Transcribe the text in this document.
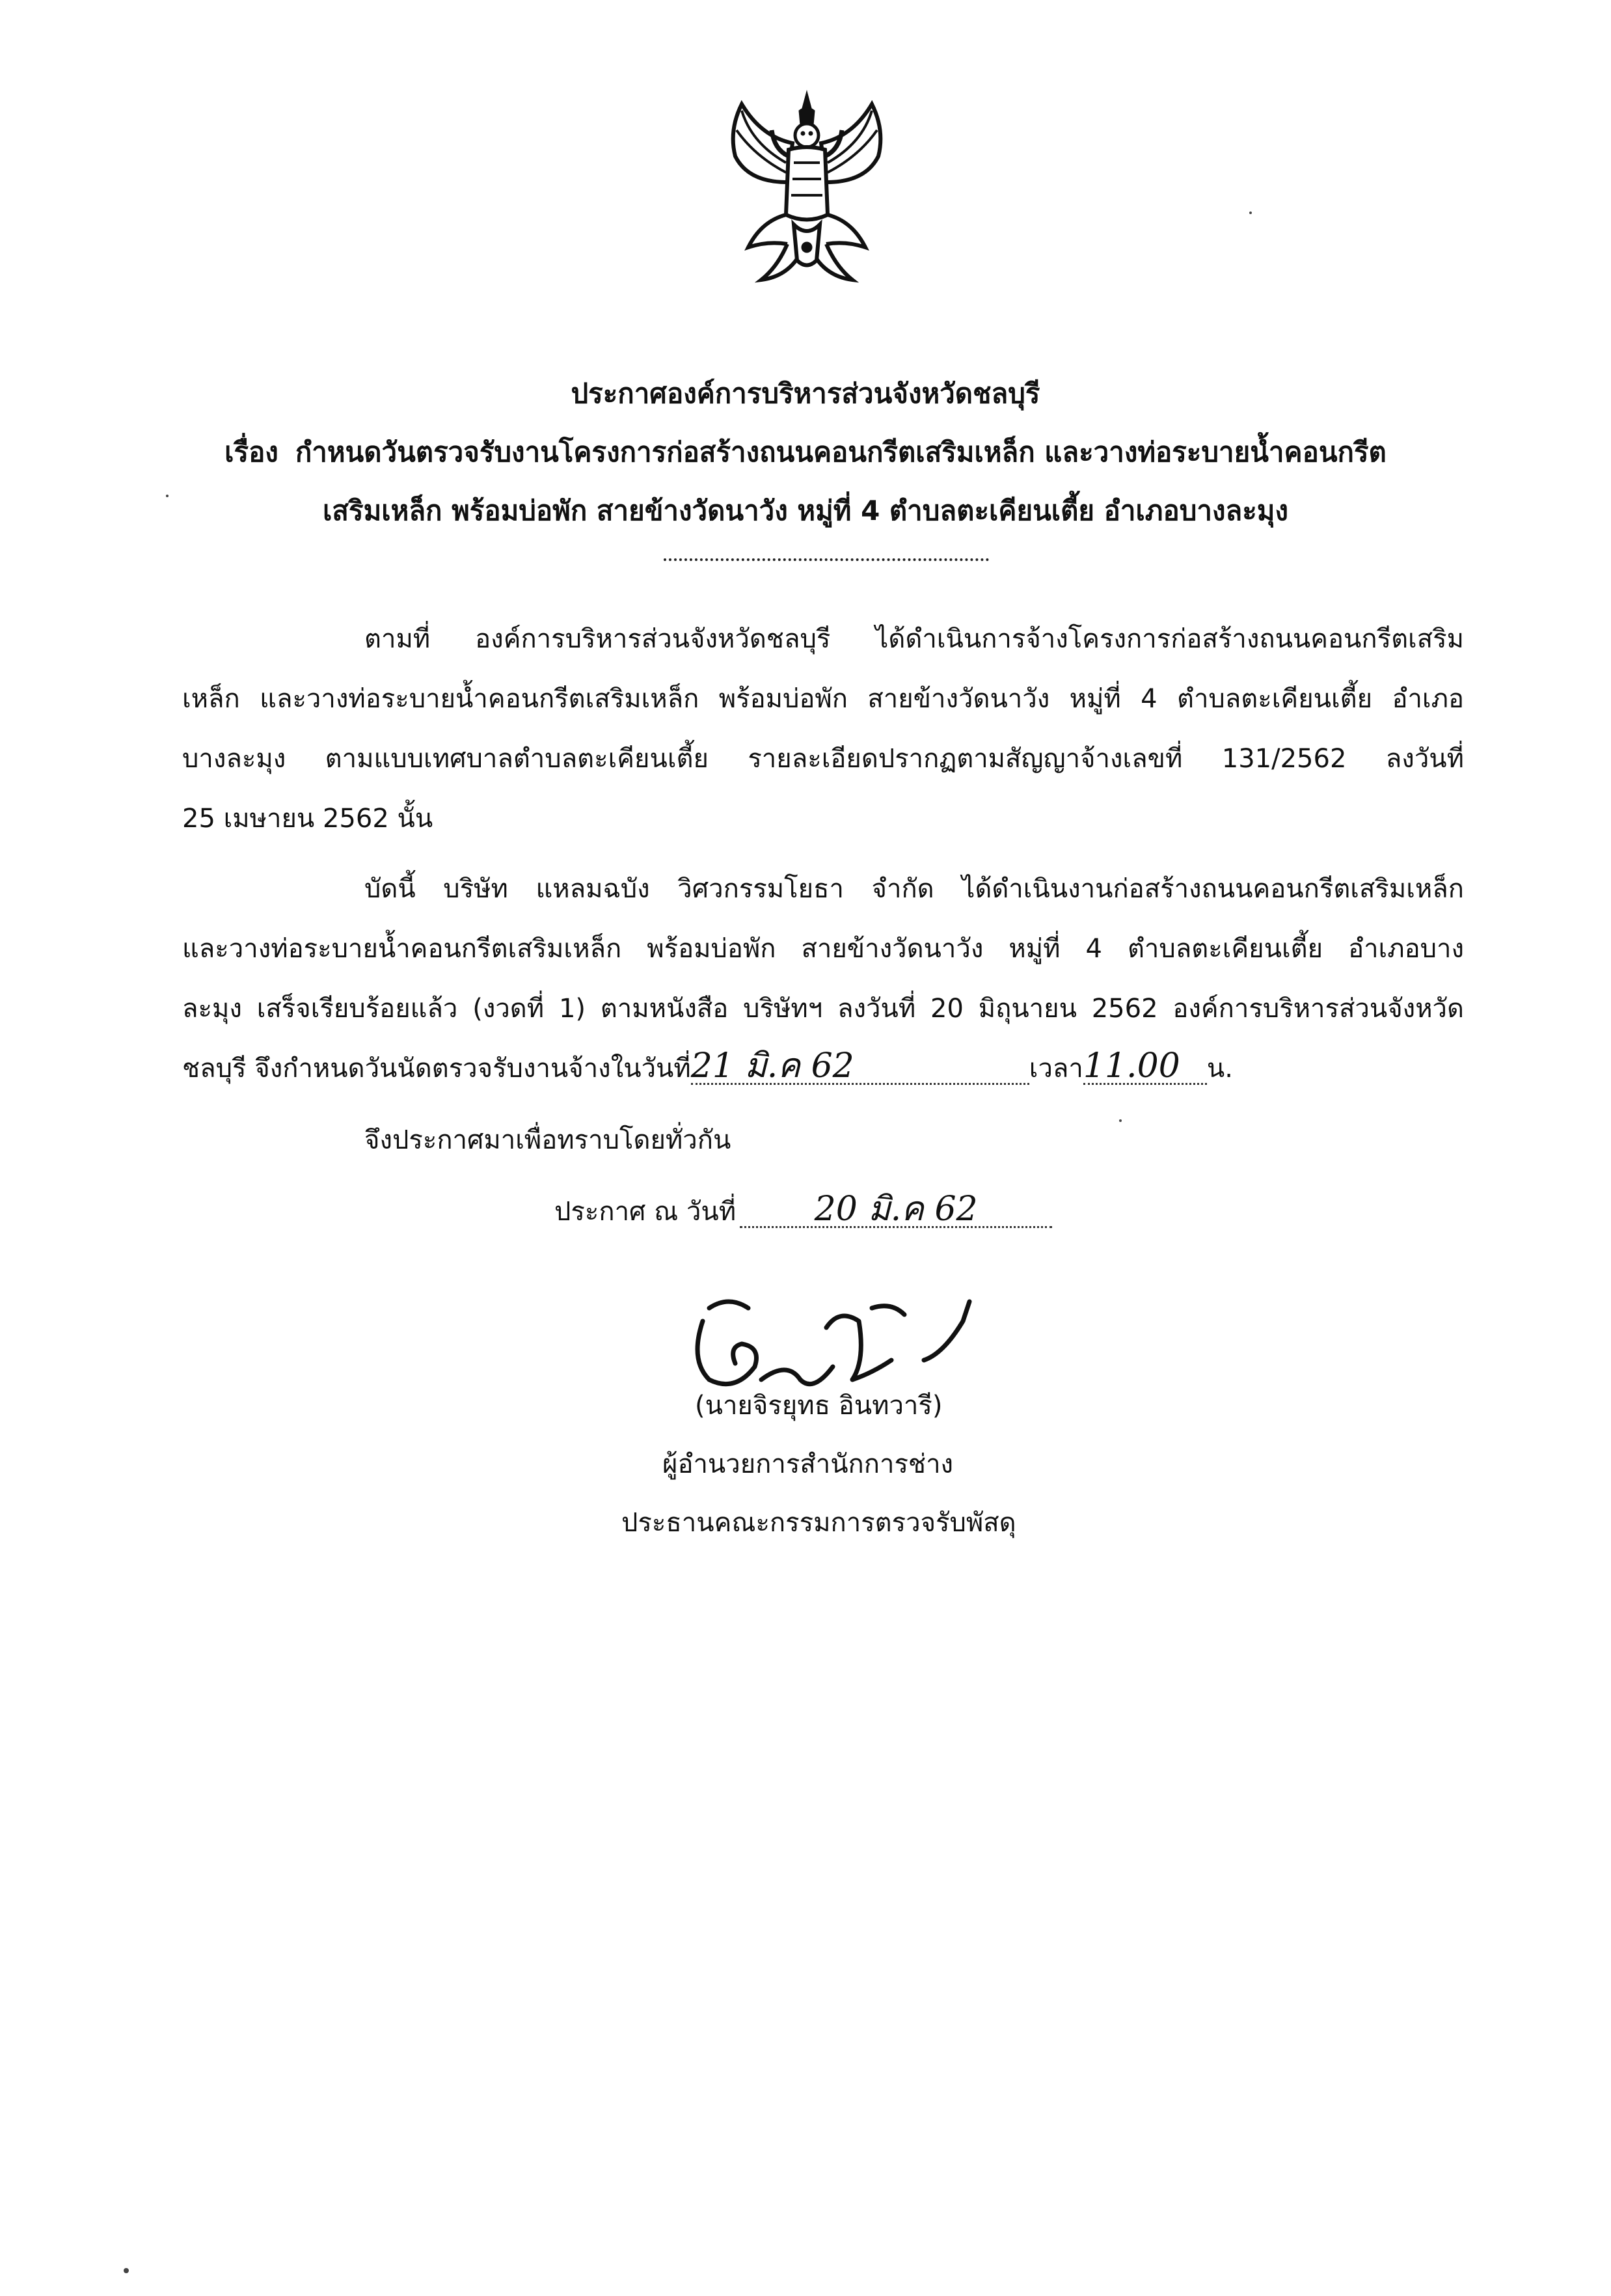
ประกาศองค์การบริหารส่วนจังหวัดชลบุรี
เรื่อง กำหนดวันตรวจรับงานโครงการก่อสร้างถนนคอนกรีตเสริมเหล็ก และวางท่อระบายน้ำคอนกรีต
เสริมเหล็ก พร้อมบ่อพัก สายข้างวัดนาวัง หมู่ที่ 4 ตำบลตะเคียนเตี้ย อำเภอบางละมุง
ตามที่ องค์การบริหารส่วนจังหวัดชลบุรี ได้ดำเนินการจ้างโครงการก่อสร้างถนนคอนกรีตเสริม
เหล็ก และวางท่อระบายน้ำคอนกรีตเสริมเหล็ก พร้อมบ่อพัก สายข้างวัดนาวัง หมู่ที่ 4 ตำบลตะเคียนเตี้ย อำเภอ
บางละมุง ตามแบบเทศบาลตำบลตะเคียนเตี้ย รายละเอียดปรากฏตามสัญญาจ้างเลขที่ 131/2562 ลงวันที่
25 เมษายน 2562 นั้น
บัดนี้ บริษัท แหลมฉบัง วิศวกรรมโยธา จำกัด ได้ดำเนินงานก่อสร้างถนนคอนกรีตเสริมเหล็ก
และวางท่อระบายน้ำคอนกรีตเสริมเหล็ก พร้อมบ่อพัก สายข้างวัดนาวัง หมู่ที่ 4 ตำบลตะเคียนเตี้ย อำเภอบาง
ละมุง เสร็จเรียบร้อยแล้ว (งวดที่ 1) ตามหนังสือ บริษัทฯ ลงวันที่ 20 มิถุนายน 2562 องค์การบริหารส่วนจังหวัด
ชลบุรี จึงกำหนดวันนัดตรวจรับงานจ้างในวันที่21 มิ.ค 62	เวลา11.00 น.
จึงประกาศมาเพื่อทราบโดยทั่วกัน
ประกาศ ณ วันที่ 20 มิ.ค 62
(นายจิรยุทธ อินทวารี)
ผู้อำนวยการสำนักการช่าง
ประธานคณะกรรมการตรวจรับพัสดุ
